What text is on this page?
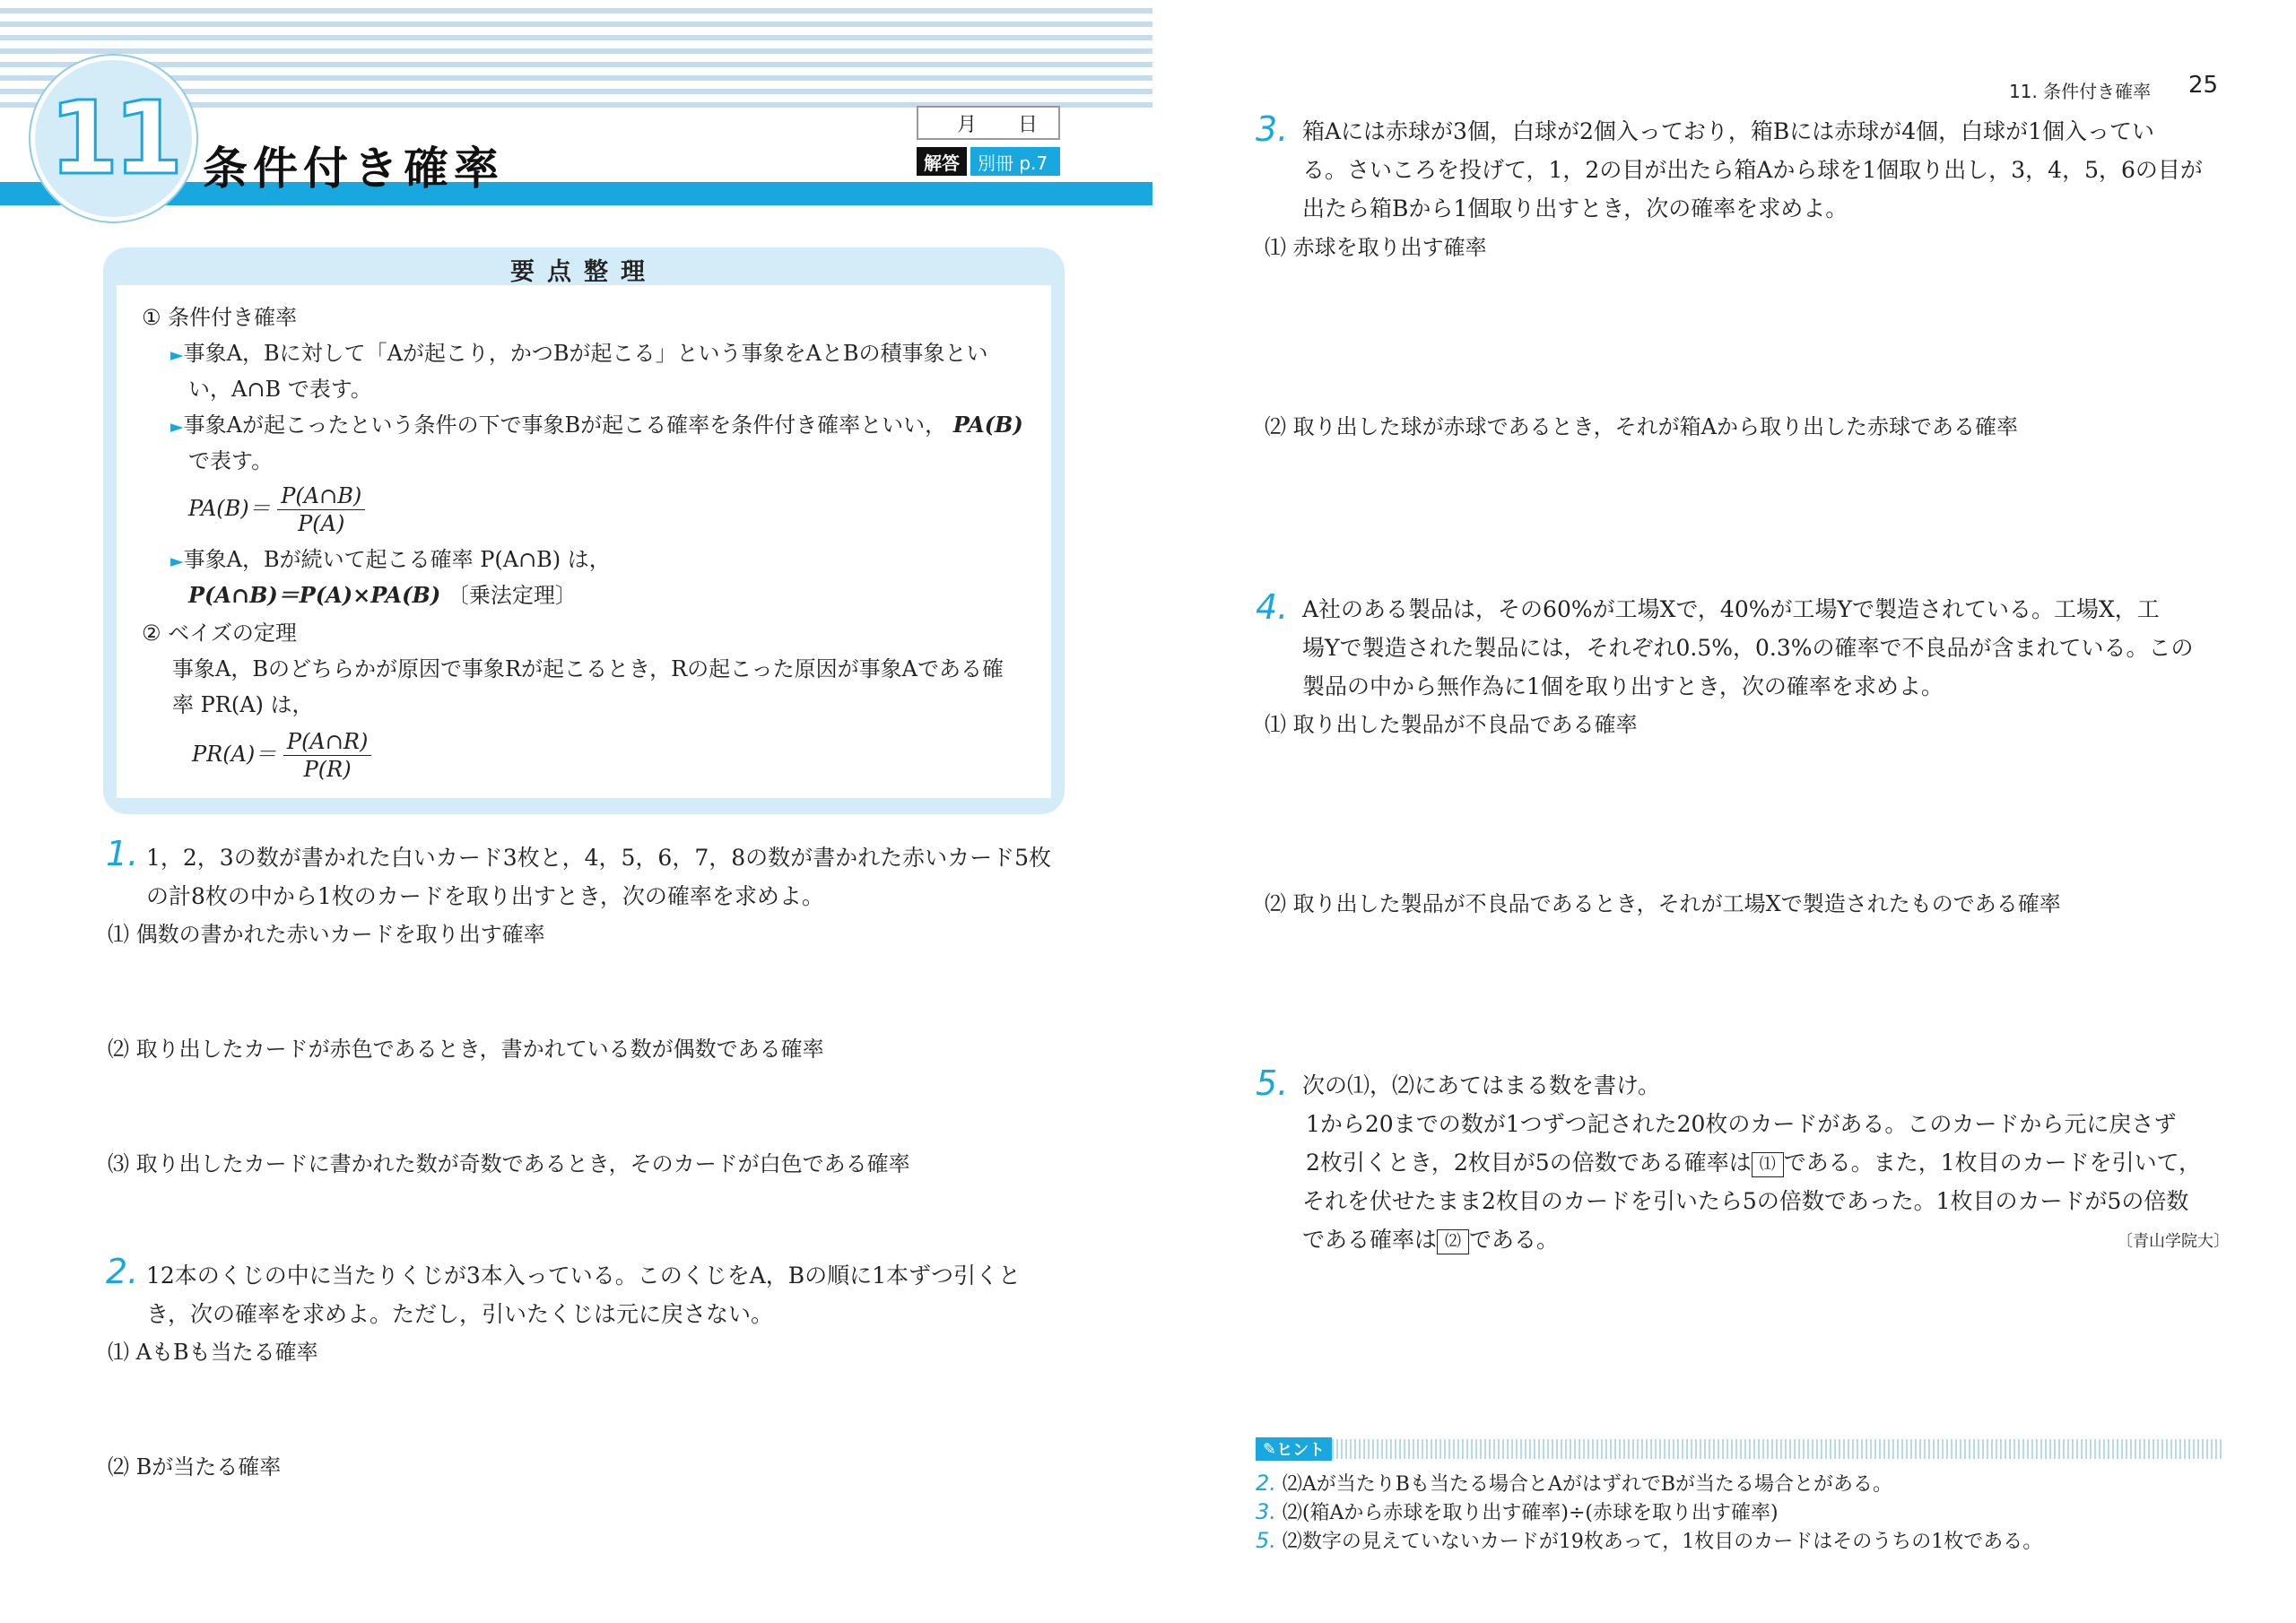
11 条件付き確率
月 日
解答	別冊 p.7
要点整理
① 条件付き確率
►事象A，Bに対して「Aが起こり，かつBが起こる」という事象をAとBの積事象とい
い，A∩B で表す。
►事象Aが起こったという条件の下で事象Bが起こる確率を条件付き確率といい， PA(B)
で表す。
$PA(B)= \frac{P(A\cap B)}{P(A)}$
►事象A，Bが続いて起こる確率 P(A∩B) は，
P(A∩B)＝P(A)×PA(B) 〔乗法定理〕
② ベイズの定理
事象A，Bのどちらかが原因で事象Rが起こるとき，Rの起こった原因が事象Aである確
率 PR(A) は，
$PR(A)= \frac{P(A\cap R)}{P(R)}$
1. 1，2，3の数が書かれた白いカード3枚と，4，5，6，7，8の数が書かれた赤いカード5枚
の計8枚の中から1枚のカードを取り出すとき，次の確率を求めよ。
⑴ 偶数の書かれた赤いカードを取り出す確率
⑵ 取り出したカードが赤色であるとき，書かれている数が偶数である確率
⑶ 取り出したカードに書かれた数が奇数であるとき，そのカードが白色である確率
2. 12本のくじの中に当たりくじが3本入っている。このくじをA，Bの順に1本ずつ引くと
き，次の確率を求めよ。ただし，引いたくじは元に戻さない。
⑴ AもBも当たる確率
⑵ Bが当たる確率
11. 条件付き確率 25
3. 箱Aには赤球が3個，白球が2個入っており，箱Bには赤球が4個，白球が1個入ってい
る。さいころを投げて，1，2の目が出たら箱Aから球を1個取り出し，3，4，5，6の目が
出たら箱Bから1個取り出すとき，次の確率を求めよ。
⑴ 赤球を取り出す確率
⑵ 取り出した球が赤球であるとき，それが箱Aから取り出した赤球である確率
4. A社のある製品は，その60%が工場Xで，40%が工場Yで製造されている。工場X，工
場Yで製造された製品には，それぞれ0.5%，0.3%の確率で不良品が含まれている。この
製品の中から無作為に1個を取り出すとき，次の確率を求めよ。
⑴ 取り出した製品が不良品である確率
⑵ 取り出した製品が不良品であるとき，それが工場Xで製造されたものである確率
5. 次の⑴，⑵にあてはまる数を書け。
1から20までの数が1つずつ記された20枚のカードがある。このカードから元に戻さず
2枚引くとき，2枚目が5の倍数である確率は ⑴ である。また，1枚目のカードを引いて，
それを伏せたまま2枚目のカードを引いたら5の倍数であった。1枚目のカードが5の倍数
である確率は ⑵ である。	〔青山学院大〕
✎ ヒント
2. ⑵Aが当たりBも当たる場合とAがはずれでBが当たる場合とがある。
3. ⑵(箱Aから赤球を取り出す確率)÷(赤球を取り出す確率)
5. ⑵数字の見えていないカードが19枚あって，1枚目のカードはそのうちの1枚である。
